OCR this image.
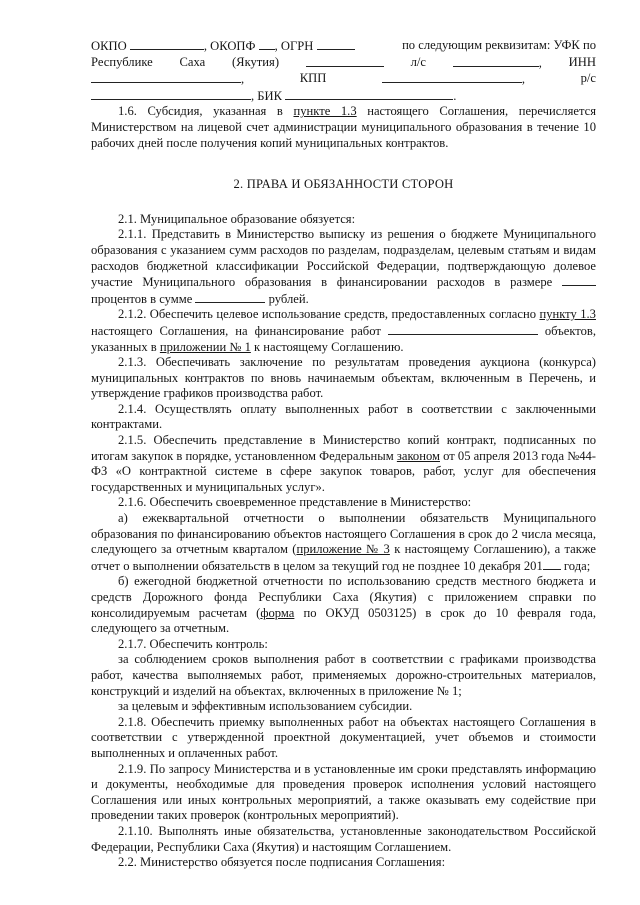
ОКПО	, ОКОПФ , ОГРН	по следующим реквизитам: УФК по
Республике Саха (Якутия)	л/с	, ИНН
,	КПП	,	р/с
, БИК	.

1.6. Субсидия, указанная в пункте 1.3 настоящего Соглашения, перечисляется Министерством на лицевой счет администрации муниципального образования в течение 10 рабочих дней после получения копий муниципальных контрактов.

2. ПРАВА И ОБЯЗАННОСТИ СТОРОН

2.1. Муниципальное образование обязуется:

2.1.1. Представить в Министерство выписку из решения о бюджете Муниципального образования с указанием сумм расходов по разделам, подразделам, целевым статьям и видам расходов бюджетной классификации Российской Федерации, подтверждающую долевое участие Муниципального образования в финансировании расходов в размере  процентов в сумме	рублей.

2.1.2. Обеспечить целевое использование средств, предоставленных согласно пункту 1.3 настоящего Соглашения, на финансирование работ	объектов, указанных в приложении № 1 к настоящему Соглашению.

2.1.3. Обеспечивать заключение по результатам проведения аукциона (конкурса) муниципальных контрактов по вновь начинаемым объектам, включенным в Перечень, и утверждение графиков производства работ.

2.1.4. Осуществлять оплату выполненных работ в соответствии с заключенными контрактами.

2.1.5. Обеспечить представление в Министерство копий контракт, подписанных по итогам закупок в порядке, установленном Федеральным законом от 05 апреля 2013 года №44-ФЗ «О контрактной системе в сфере закупок товаров, работ, услуг для обеспечения государственных и муниципальных услуг».

2.1.6. Обеспечить своевременное представление в Министерство:

а) ежеквартальной отчетности о выполнении обязательств Муниципального образования по финансированию объектов настоящего Соглашения в срок до 2 числа месяца, следующего за отчетным кварталом (приложение № 3 к настоящему Соглашению), а также отчет о выполнении обязательств в целом за текущий год не позднее 10 декабря 201 года;

б) ежегодной бюджетной отчетности по использованию средств местного бюджета и средств Дорожного фонда Республики Саха (Якутия) с приложением справки по консолидируемым расчетам (форма по ОКУД 0503125) в срок до 10 февраля года, следующего за отчетным.

2.1.7. Обеспечить контроль:

за соблюдением сроков выполнения работ в соответствии с графиками производства работ, качества выполняемых работ, применяемых дорожно-строительных материалов, конструкций и изделий на объектах, включенных в приложение № 1;

за целевым и эффективным использованием субсидии.

2.1.8. Обеспечить приемку выполненных работ на объектах настоящего Соглашения в соответствии с утвержденной проектной документацией, учет объемов и стоимости выполненных и оплаченных работ.

2.1.9. По запросу Министерства и в установленные им сроки представлять информацию и документы, необходимые для проведения проверок исполнения условий настоящего Соглашения или иных контрольных мероприятий, а также оказывать ему содействие при проведении таких проверок (контрольных мероприятий).

2.1.10. Выполнять иные обязательства, установленные законодательством Российской Федерации, Республики Саха (Якутия) и настоящим Соглашением.

2.2. Министерство обязуется после подписания Соглашения:
